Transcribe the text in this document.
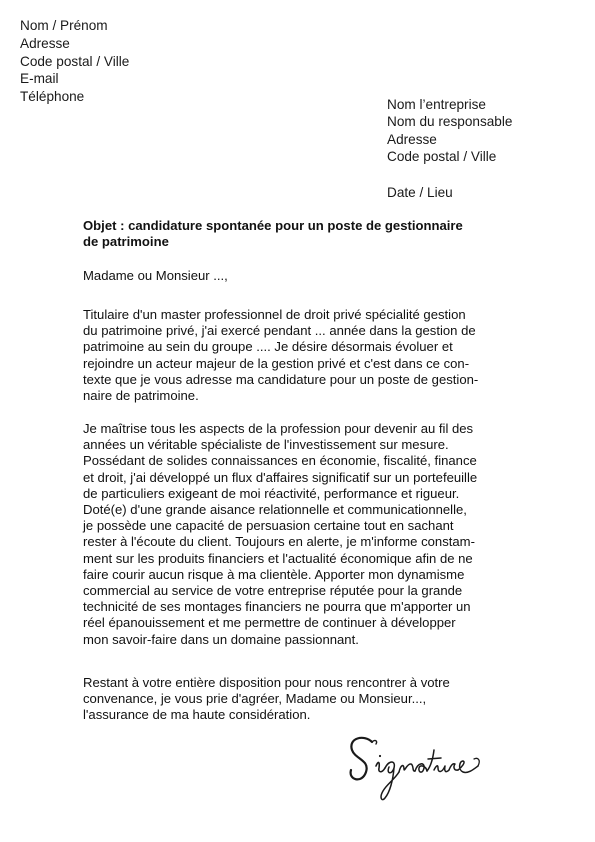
Nom / Prénom
Adresse
Code postal / Ville
E-mail
Téléphone
Nom l’entreprise
Nom du responsable
Adresse
Code postal / Ville
Date / Lieu
Objet : candidature spontanée pour un poste de gestionnaire
de patrimoine
Madame ou Monsieur ...,
Titulaire d'un master professionnel de droit privé spécialité gestion
du patrimoine privé, j'ai exercé pendant ... année dans la gestion de
patrimoine au sein du groupe .... Je désire désormais évoluer et
rejoindre un acteur majeur de la gestion privé et c'est dans ce con-
texte que je vous adresse ma candidature pour un poste de gestion-
naire de patrimoine.
Je maîtrise tous les aspects de la profession pour devenir au fil des
années un véritable spécialiste de l'investissement sur mesure.
Possédant de solides connaissances en économie, fiscalité, finance
et droit, j'ai développé un flux d'affaires significatif sur un portefeuille
de particuliers exigeant de moi réactivité, performance et rigueur.
Doté(e) d'une grande aisance relationnelle et communicationnelle,
je possède une capacité de persuasion certaine tout en sachant
rester à l'écoute du client. Toujours en alerte, je m'informe constam-
ment sur les produits financiers et l'actualité économique afin de ne
faire courir aucun risque à ma clientèle. Apporter mon dynamisme
commercial au service de votre entreprise réputée pour la grande
technicité de ses montages financiers ne pourra que m'apporter un
réel épanouissement et me permettre de continuer à développer
mon savoir-faire dans un domaine passionnant.
Restant à votre entière disposition pour nous rencontrer à votre
convenance, je vous prie d'agréer, Madame ou Monsieur...,
l'assurance de ma haute considération.
